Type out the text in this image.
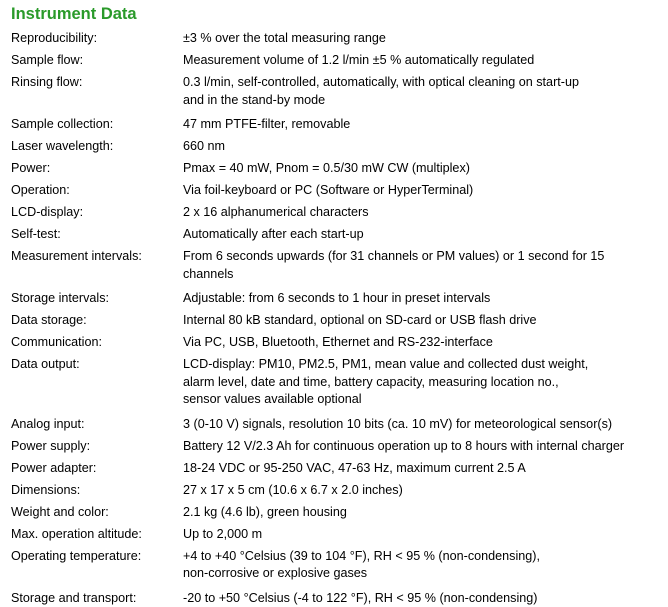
Instrument Data
Reproducibility:	±3 % over the total measuring range
Sample flow:	Measurement volume of 1.2 l/min ±5 % automatically regulated
Rinsing flow:	0.3 l/min, self-controlled, automatically, with optical cleaning on start-up
and in the stand-by mode
Sample collection:	47 mm PTFE-filter, removable
Laser wavelength:	660 nm
Power:	Pmax = 40 mW, Pnom = 0.5/30 mW CW (multiplex)
Operation:	Via foil-keyboard or PC (Software or HyperTerminal)
LCD-display:	2 x 16 alphanumerical characters
Self-test:	Automatically after each start-up
Measurement intervals:	From 6 seconds upwards (for 31 channels or PM values) or 1 second for 15
channels
Storage intervals:	Adjustable: from 6 seconds to 1 hour in preset intervals
Data storage:	Internal 80 kB standard, optional on SD-card or USB flash drive
Communication:	Via PC, USB, Bluetooth, Ethernet and RS-232-interface
Data output:	LCD-display: PM10, PM2.5, PM1, mean value and collected dust weight,
alarm level, date and time, battery capacity, measuring location no.,
sensor values available optional
Analog input:	3 (0-10 V) signals, resolution 10 bits (ca. 10 mV) for meteorological sensor(s)
Power supply:	Battery 12 V/2.3 Ah for continuous operation up to 8 hours with internal charger
Power adapter:	18-24 VDC or 95-250 VAC, 47-63 Hz, maximum current 2.5 A
Dimensions:	27 x 17 x 5 cm (10.6 x 6.7 x 2.0 inches)
Weight and color:	2.1 kg (4.6 lb), green housing
Max. operation altitude:	Up to 2,000 m
Operating temperature:	+4 to +40 °Celsius (39 to 104 °F), RH < 95 % (non-condensing),
non-corrosive or explosive gases
Storage and transport:	-20 to +50 °Celsius (-4 to 122 °F), RH < 95 % (non-condensing)
